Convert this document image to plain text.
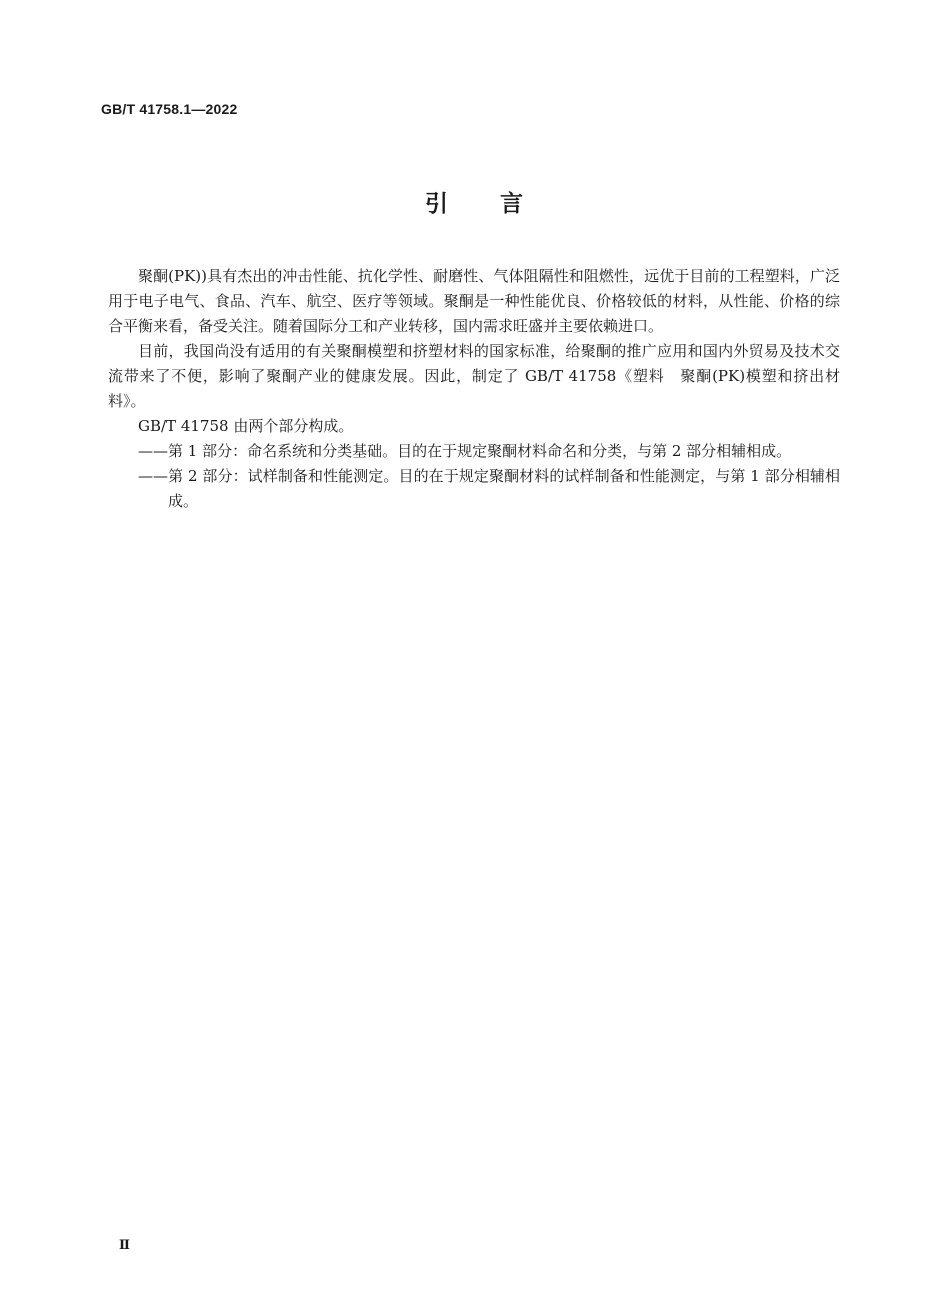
GB/T 41758.1—2022
引　　言

聚酮(PK))具有杰出的冲击性能、抗化学性、耐磨性、气体阻隔性和阻燃性，远优于目前的工程塑料，广泛用于电子电气、食品、汽车、航空、医疗等领域。聚酮是一种性能优良、价格较低的材料，从性能、价格的综合平衡来看，备受关注。随着国际分工和产业转移，国内需求旺盛并主要依赖进口。

目前，我国尚没有适用的有关聚酮模塑和挤塑材料的国家标准，给聚酮的推广应用和国内外贸易及技术交流带来了不便，影响了聚酮产业的健康发展。因此，制定了 GB/T 41758《塑料　聚酮(PK)模塑和挤出材料》。

GB/T 41758 由两个部分构成。

——第 1 部分：命名系统和分类基础。目的在于规定聚酮材料命名和分类，与第 2 部分相辅相成。

——第 2 部分：试样制备和性能测定。目的在于规定聚酮材料的试样制备和性能测定，与第 1 部分相辅相成。

Ⅱ
